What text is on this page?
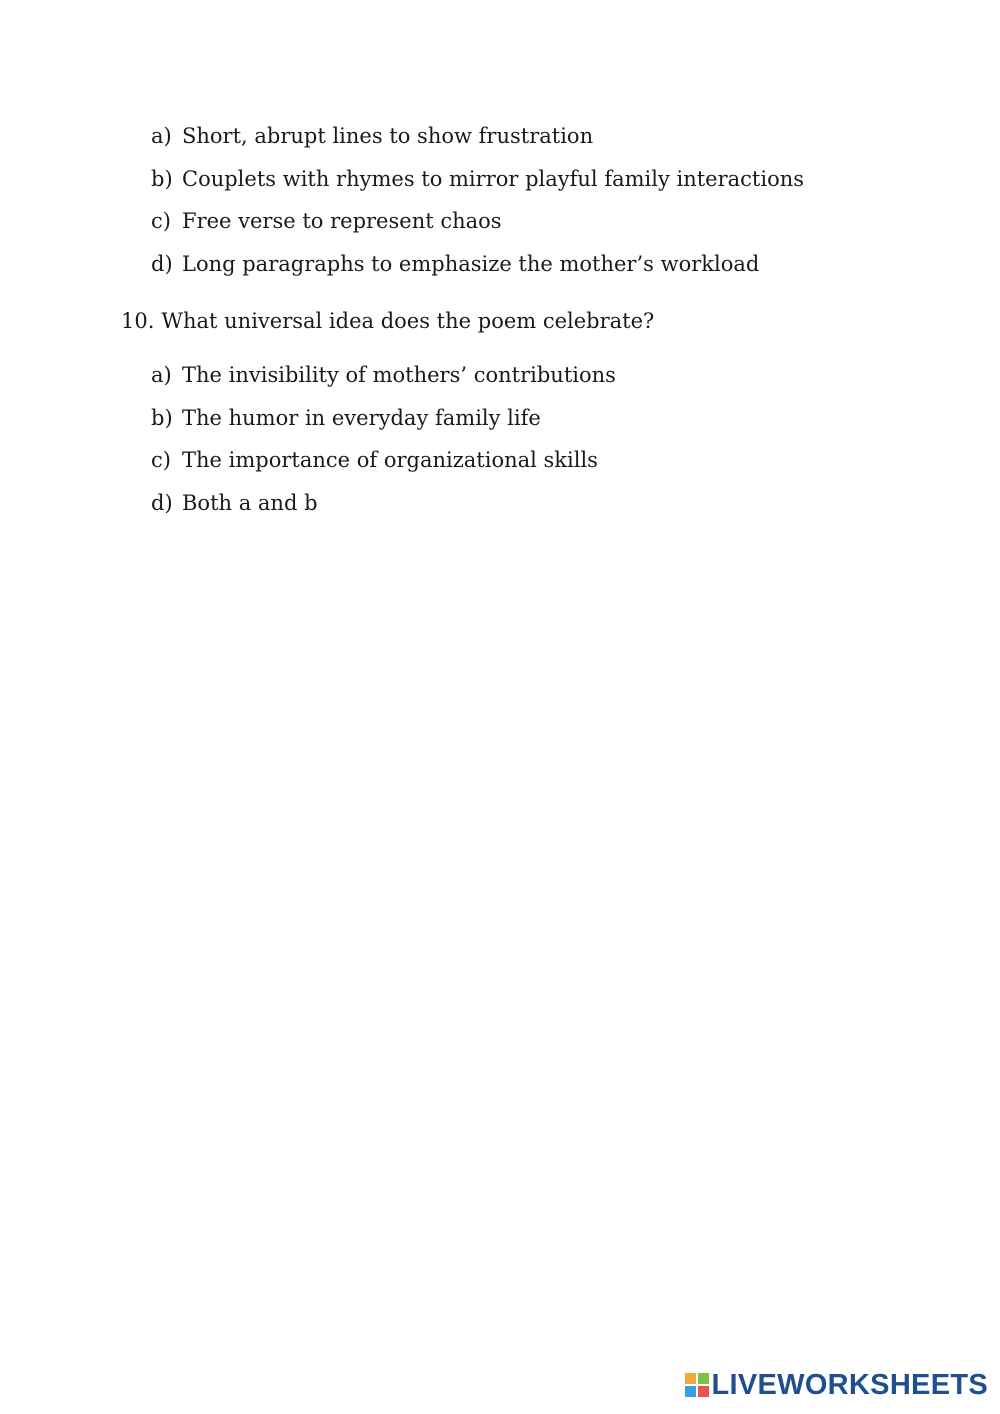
a) Short, abrupt lines to show frustration
b) Couplets with rhymes to mirror playful family interactions
c) Free verse to represent chaos
d) Long paragraphs to emphasize the mother’s workload
10. What universal idea does the poem celebrate?
a) The invisibility of mothers’ contributions
b) The humor in everyday family life
c) The importance of organizational skills
d) Both a and b
LIVEWORKSHEETS
